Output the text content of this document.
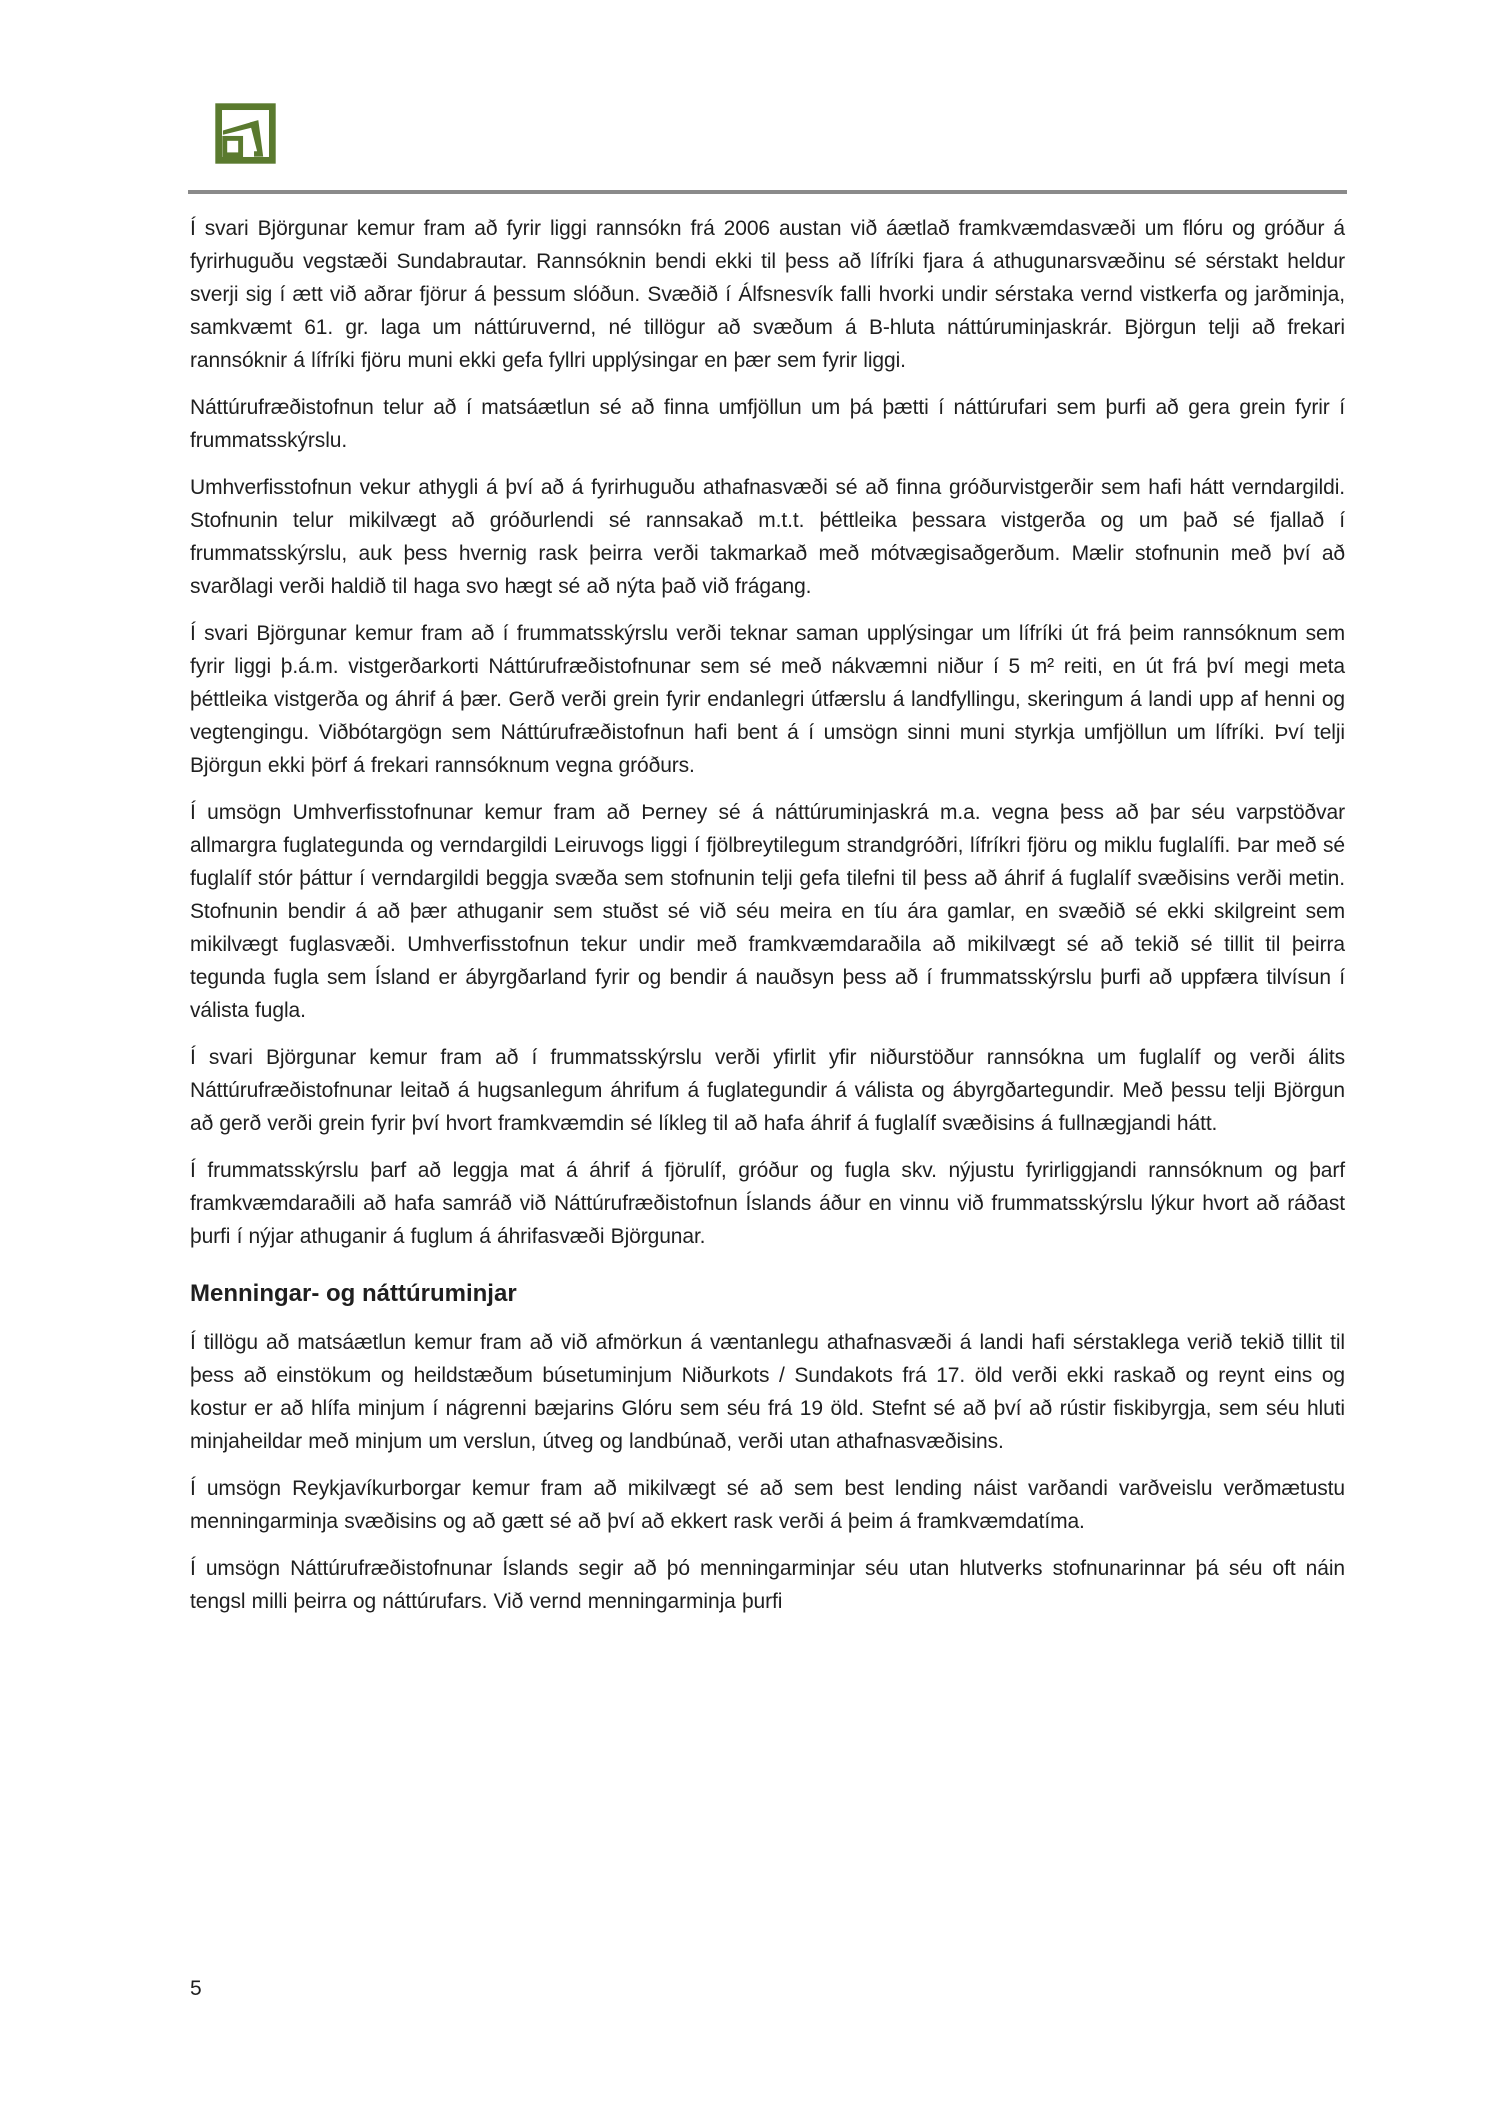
Í svari Björgunar kemur fram að fyrir liggi rannsókn frá 2006 austan við áætlað framkvæmdasvæði um flóru og gróður á fyrirhuguðu vegstæði Sundabrautar. Rannsóknin bendi ekki til þess að lífríki fjara á athugunarsvæðinu sé sérstakt heldur sverji sig í ætt við aðrar fjörur á þessum slóðun. Svæðið í Álfsnesvík falli hvorki undir sérstaka vernd vistkerfa og jarðminja, samkvæmt 61. gr. laga um náttúruvernd, né tillögur að svæðum á B-hluta náttúruminjaskrár. Björgun telji að frekari rannsóknir á lífríki fjöru muni ekki gefa fyllri upplýsingar en þær sem fyrir liggi.

Náttúrufræðistofnun telur að í matsáætlun sé að finna umfjöllun um þá þætti í náttúrufari sem þurfi að gera grein fyrir í frummatsskýrslu.

Umhverfisstofnun vekur athygli á því að á fyrirhuguðu athafnasvæði sé að finna gróðurvistgerðir sem hafi hátt verndargildi. Stofnunin telur mikilvægt að gróðurlendi sé rannsakað m.t.t. þéttleika þessara vistgerða og um það sé fjallað í frummatsskýrslu, auk þess hvernig rask þeirra verði takmarkað með mótvægisaðgerðum. Mælir stofnunin með því að svarðlagi verði haldið til haga svo hægt sé að nýta það við frágang.

Í svari Björgunar kemur fram að í frummatsskýrslu verði teknar saman upplýsingar um lífríki út frá þeim rannsóknum sem fyrir liggi þ.á.m. vistgerðarkorti Náttúrufræðistofnunar sem sé með nákvæmni niður í 5 m² reiti, en út frá því megi meta þéttleika vistgerða og áhrif á þær. Gerð verði grein fyrir endanlegri útfærslu á landfyllingu, skeringum á landi upp af henni og vegtengingu. Viðbótargögn sem Náttúrufræðistofnun hafi bent á í umsögn sinni muni styrkja umfjöllun um lífríki. Því telji Björgun ekki þörf á frekari rannsóknum vegna gróðurs.

Í umsögn Umhverfisstofnunar kemur fram að Þerney sé á náttúruminjaskrá m.a. vegna þess að þar séu varpstöðvar allmargra fuglategunda og verndargildi Leiruvogs liggi í fjölbreytilegum strandgróðri, lífríkri fjöru og miklu fuglalífi. Þar með sé fuglalíf stór þáttur í verndargildi beggja svæða sem stofnunin telji gefa tilefni til þess að áhrif á fuglalíf svæðisins verði metin. Stofnunin bendir á að þær athuganir sem stuðst sé við séu meira en tíu ára gamlar, en svæðið sé ekki skilgreint sem mikilvægt fuglasvæði. Umhverfisstofnun tekur undir með framkvæmdaraðila að mikilvægt sé að tekið sé tillit til þeirra tegunda fugla sem Ísland er ábyrgðarland fyrir og bendir á nauðsyn þess að í frummatsskýrslu þurfi að uppfæra tilvísun í válista fugla.

Í svari Björgunar kemur fram að í frummatsskýrslu verði yfirlit yfir niðurstöður rannsókna um fuglalíf og verði álits Náttúrufræðistofnunar leitað á hugsanlegum áhrifum á fuglategundir á válista og ábyrgðartegundir. Með þessu telji Björgun að gerð verði grein fyrir því hvort framkvæmdin sé líkleg til að hafa áhrif á fuglalíf svæðisins á fullnægjandi hátt.

Í frummatsskýrslu þarf að leggja mat á áhrif á fjörulíf, gróður og fugla skv. nýjustu fyrirliggjandi rannsóknum og þarf framkvæmdaraðili að hafa samráð við Náttúrufræðistofnun Íslands áður en vinnu við frummatsskýrslu lýkur hvort að ráðast þurfi í nýjar athuganir á fuglum á áhrifasvæði Björgunar.

Menningar- og náttúruminjar

Í tillögu að matsáætlun kemur fram að við afmörkun á væntanlegu athafnasvæði á landi hafi sérstaklega verið tekið tillit til þess að einstökum og heildstæðum búsetuminjum Niðurkots / Sundakots frá 17. öld verði ekki raskað og reynt eins og kostur er að hlífa minjum í nágrenni bæjarins Glóru sem séu frá 19 öld. Stefnt sé að því að rústir fiskibyrgja, sem séu hluti minjaheildar með minjum um verslun, útveg og landbúnað, verði utan athafnasvæðisins.

Í umsögn Reykjavíkurborgar kemur fram að mikilvægt sé að sem best lending náist varðandi varðveislu verðmætustu menningarminja svæðisins og að gætt sé að því að ekkert rask verði á þeim á framkvæmdatíma.

Í umsögn Náttúrufræðistofnunar Íslands segir að þó menningarminjar séu utan hlutverks stofnunarinnar þá séu oft náin tengsl milli þeirra og náttúrufars. Við vernd menningarminja þurfi

5
